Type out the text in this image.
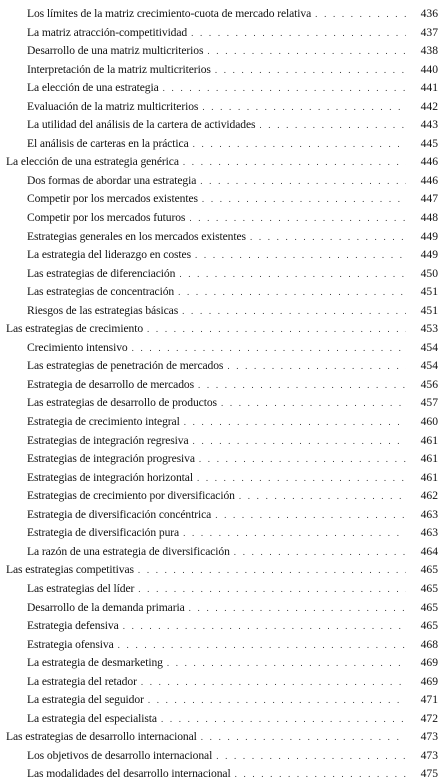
Los límites de la matriz crecimiento-cuota de mercado relativa . . .	436
La matriz atracción-competitividad . . .	437
Desarrollo de una matriz multicriterios . . .	438
Interpretación de la matriz multicriterios . . .	440
La elección de una estrategia . . .	441
Evaluación de la matriz multicriterios . . .	442
La utilidad del análisis de la cartera de actividades . . .	443
El análisis de carteras en la práctica . . .	445
La elección de una estrategia genérica . . .	446
Dos formas de abordar una estrategia . . .	446
Competir por los mercados existentes . . .	447
Competir por los mercados futuros . . .	448
Estrategias generales en los mercados existentes . . .	449
La estrategia del liderazgo en costes . . .	449
Las estrategias de diferenciación . . .	450
Las estrategias de concentración . . .	451
Riesgos de las estrategias básicas . . .	451
Las estrategias de crecimiento . . .	453
Crecimiento intensivo . . .	454
Las estrategias de penetración de mercados . . .	454
Estrategia de desarrollo de mercados . . .	456
Las estrategias de desarrollo de productos . . .	457
Estrategia de crecimiento integral . . .	460
Estrategias de integración regresiva . . .	461
Estrategias de integración progresiva . . .	461
Estrategias de integración horizontal . . .	461
Estrategias de crecimiento por diversificación . . .	462
Estrategia de diversificación concéntrica . . .	463
Estrategia de diversificación pura . . .	463
La razón de una estrategia de diversificación . . .	464
Las estrategias competitivas . . .	465
Las estrategias del líder . . .	465
Desarrollo de la demanda primaria . . .	465
Estrategia defensiva . . .	465
Estrategia ofensiva . . .	468
La estrategia de desmarketing . . .	469
La estrategia del retador . . .	469
La estrategia del seguidor . . .	471
La estrategia del especialista . . .	472
Las estrategias de desarrollo internacional . . .	473
Los objetivos de desarrollo internacional . . .	473
Las modalidades del desarrollo internacional . . .	475
